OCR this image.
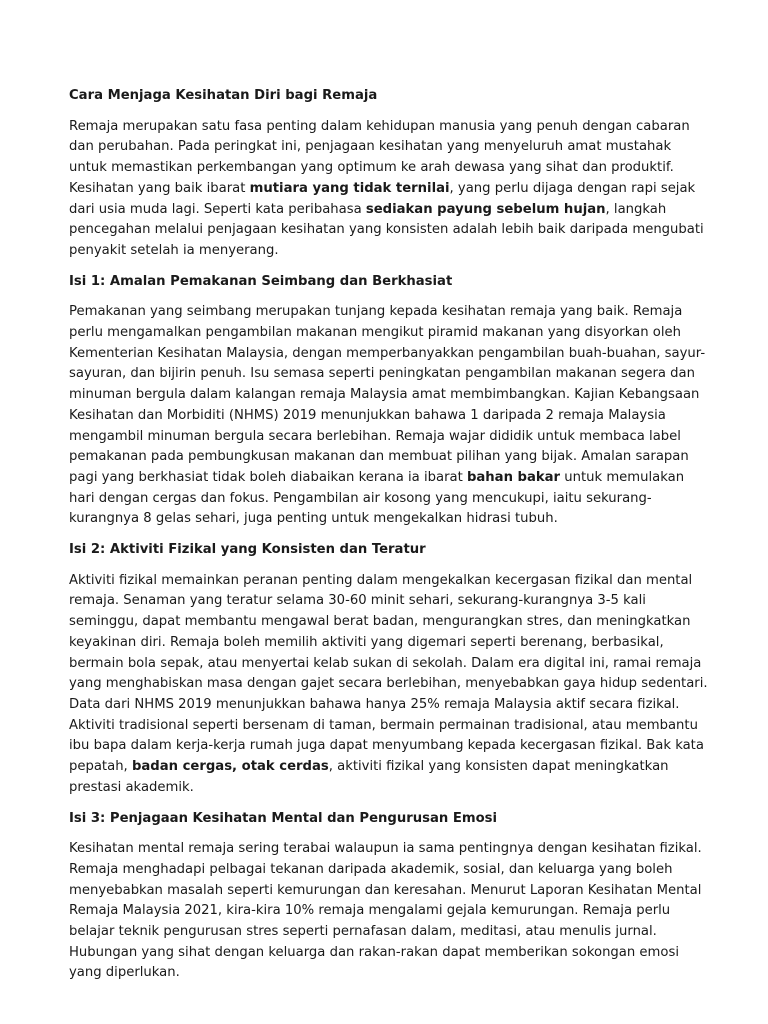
Cara Menjaga Kesihatan Diri bagi Remaja

Remaja merupakan satu fasa penting dalam kehidupan manusia yang penuh dengan cabaran dan perubahan. Pada peringkat ini, penjagaan kesihatan yang menyeluruh amat mustahak untuk memastikan perkembangan yang optimum ke arah dewasa yang sihat dan produktif. Kesihatan yang baik ibarat mutiara yang tidak ternilai, yang perlu dijaga dengan rapi sejak dari usia muda lagi. Seperti kata peribahasa sediakan payung sebelum hujan, langkah pencegahan melalui penjagaan kesihatan yang konsisten adalah lebih baik daripada mengubati penyakit setelah ia menyerang.

Isi 1: Amalan Pemakanan Seimbang dan Berkhasiat

Pemakanan yang seimbang merupakan tunjang kepada kesihatan remaja yang baik. Remaja perlu mengamalkan pengambilan makanan mengikut piramid makanan yang disyorkan oleh Kementerian Kesihatan Malaysia, dengan memperbanyakkan pengambilan buah-buahan, sayur-sayuran, dan bijirin penuh. Isu semasa seperti peningkatan pengambilan makanan segera dan minuman bergula dalam kalangan remaja Malaysia amat membimbangkan. Kajian Kebangsaan Kesihatan dan Morbiditi (NHMS) 2019 menunjukkan bahawa 1 daripada 2 remaja Malaysia mengambil minuman bergula secara berlebihan. Remaja wajar dididik untuk membaca label pemakanan pada pembungkusan makanan dan membuat pilihan yang bijak. Amalan sarapan pagi yang berkhasiat tidak boleh diabaikan kerana ia ibarat bahan bakar untuk memulakan hari dengan cergas dan fokus. Pengambilan air kosong yang mencukupi, iaitu sekurang-kurangnya 8 gelas sehari, juga penting untuk mengekalkan hidrasi tubuh.

Isi 2: Aktiviti Fizikal yang Konsisten dan Teratur

Aktiviti fizikal memainkan peranan penting dalam mengekalkan kecergasan fizikal dan mental remaja. Senaman yang teratur selama 30-60 minit sehari, sekurang-kurangnya 3-5 kali seminggu, dapat membantu mengawal berat badan, mengurangkan stres, dan meningkatkan keyakinan diri. Remaja boleh memilih aktiviti yang digemari seperti berenang, berbasikal, bermain bola sepak, atau menyertai kelab sukan di sekolah. Dalam era digital ini, ramai remaja yang menghabiskan masa dengan gajet secara berlebihan, menyebabkan gaya hidup sedentari. Data dari NHMS 2019 menunjukkan bahawa hanya 25% remaja Malaysia aktif secara fizikal. Aktiviti tradisional seperti bersenam di taman, bermain permainan tradisional, atau membantu ibu bapa dalam kerja-kerja rumah juga dapat menyumbang kepada kecergasan fizikal. Bak kata pepatah, badan cergas, otak cerdas, aktiviti fizikal yang konsisten dapat meningkatkan prestasi akademik.

Isi 3: Penjagaan Kesihatan Mental dan Pengurusan Emosi

Kesihatan mental remaja sering terabai walaupun ia sama pentingnya dengan kesihatan fizikal. Remaja menghadapi pelbagai tekanan daripada akademik, sosial, dan keluarga yang boleh menyebabkan masalah seperti kemurungan dan keresahan. Menurut Laporan Kesihatan Mental Remaja Malaysia 2021, kira-kira 10% remaja mengalami gejala kemurungan. Remaja perlu belajar teknik pengurusan stres seperti pernafasan dalam, meditasi, atau menulis jurnal. Hubungan yang sihat dengan keluarga dan rakan-rakan dapat memberikan sokongan emosi yang diperlukan.
